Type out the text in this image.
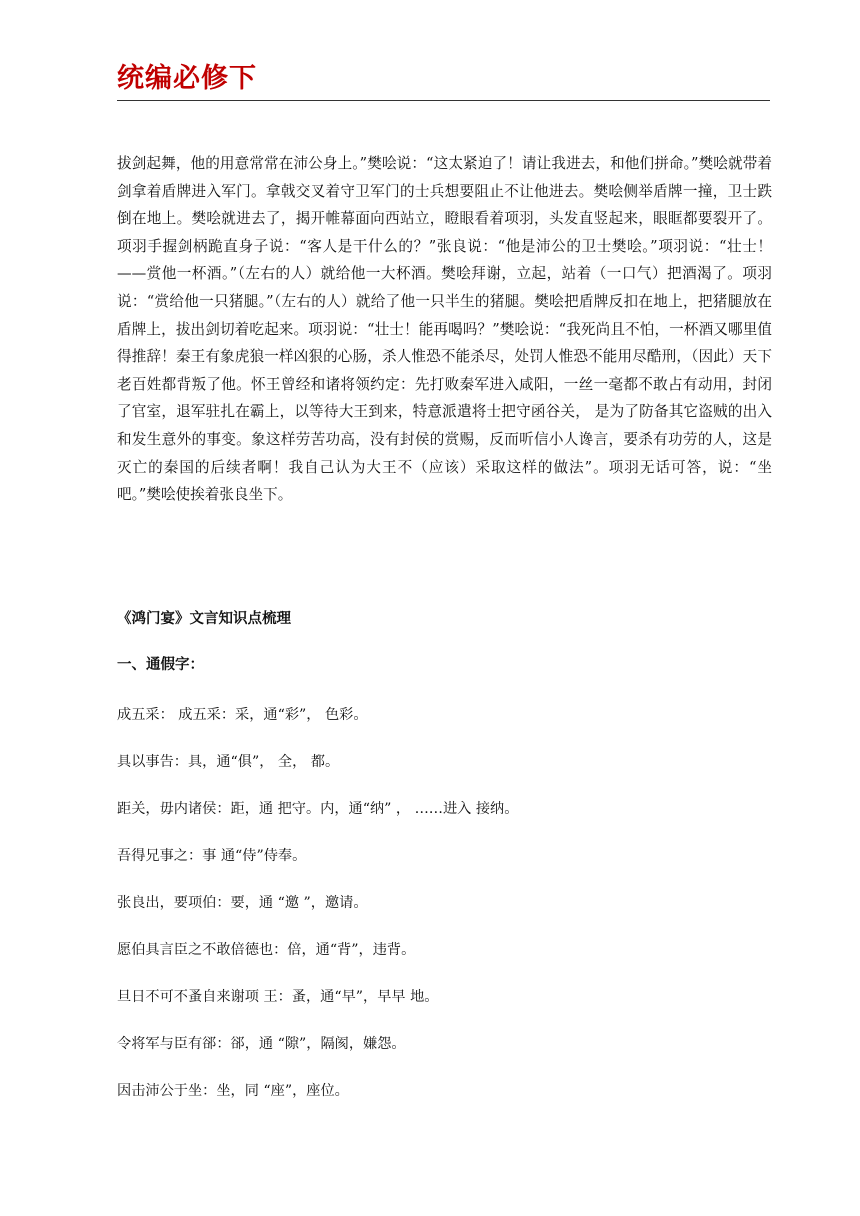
统编必修下
拔剑起舞，他的用意常常在沛公身上。”樊哙说：“这太紧迫了！请让我进去，和他们拼命。”樊哙就带着剑拿着盾牌进入军门。拿戟交叉着守卫军门的士兵想要阻止不让他进去。樊哙侧举盾牌一撞，卫士跌倒在地上。樊哙就进去了，揭开帷幕面向西站立，瞪眼看着项羽，头发直竖起来，眼眶都要裂开了。项羽手握剑柄跪直身子说：“客人是干什么的？”张良说：“他是沛公的卫士樊哙。”项羽说：“壮士！——赏他一杯酒。”（左右的人）就给他一大杯酒。樊哙拜谢，立起，站着（一口气）把酒渴了。项羽说：“赏给他一只猪腿。”（左右的人）就给了他一只半生的猪腿。樊哙把盾牌反扣在地上，把猪腿放在盾牌上，拔出剑切着吃起来。项羽说：“壮士！能再喝吗？”樊哙说：“我死尚且不怕，一杯酒又哪里值得推辞！秦王有象虎狼一样凶狠的心肠，杀人惟恐不能杀尽，处罚人惟恐不能用尽酷刑，（因此）天下老百姓都背叛了他。怀王曾经和诸将领约定：先打败秦军进入咸阳，一丝一毫都不敢占有动用，封闭了官室，退军驻扎在霸上，以等待大王到来，特意派遣将士把守函谷关， 是为了防备其它盗贼的出入和发生意外的事变。象这样劳苦功高，没有封侯的赏赐，反而听信小人谗言，要杀有功劳的人，这是灭亡的秦国的后续者啊！我自己认为大王不（应该）采取这样的做法”。项羽无话可答，说：“坐吧。”樊哙使挨着张良坐下。
《鸿门宴》文言知识点梳理
一、通假字：
成五采： 成五采：采，通“彩”， 色彩。
具以事告：具，通“俱”， 全， 都。
距关，毋内诸侯：距，通 把守。内，通“纳” ， ……进入 接纳。
吾得兄事之：事 通“侍”侍奉。
张良出，要项伯：要，通 “邀 ”，邀请。
愿伯具言臣之不敢倍德也：倍，通“背”，违背。
旦日不可不蚤自来谢项 王：蚤，通“早”，早早 地。
令将军与臣有郤：郤，通 “隙”，隔阂，嫌怨。
因击沛公于坐：坐，同 “座”，座位。
